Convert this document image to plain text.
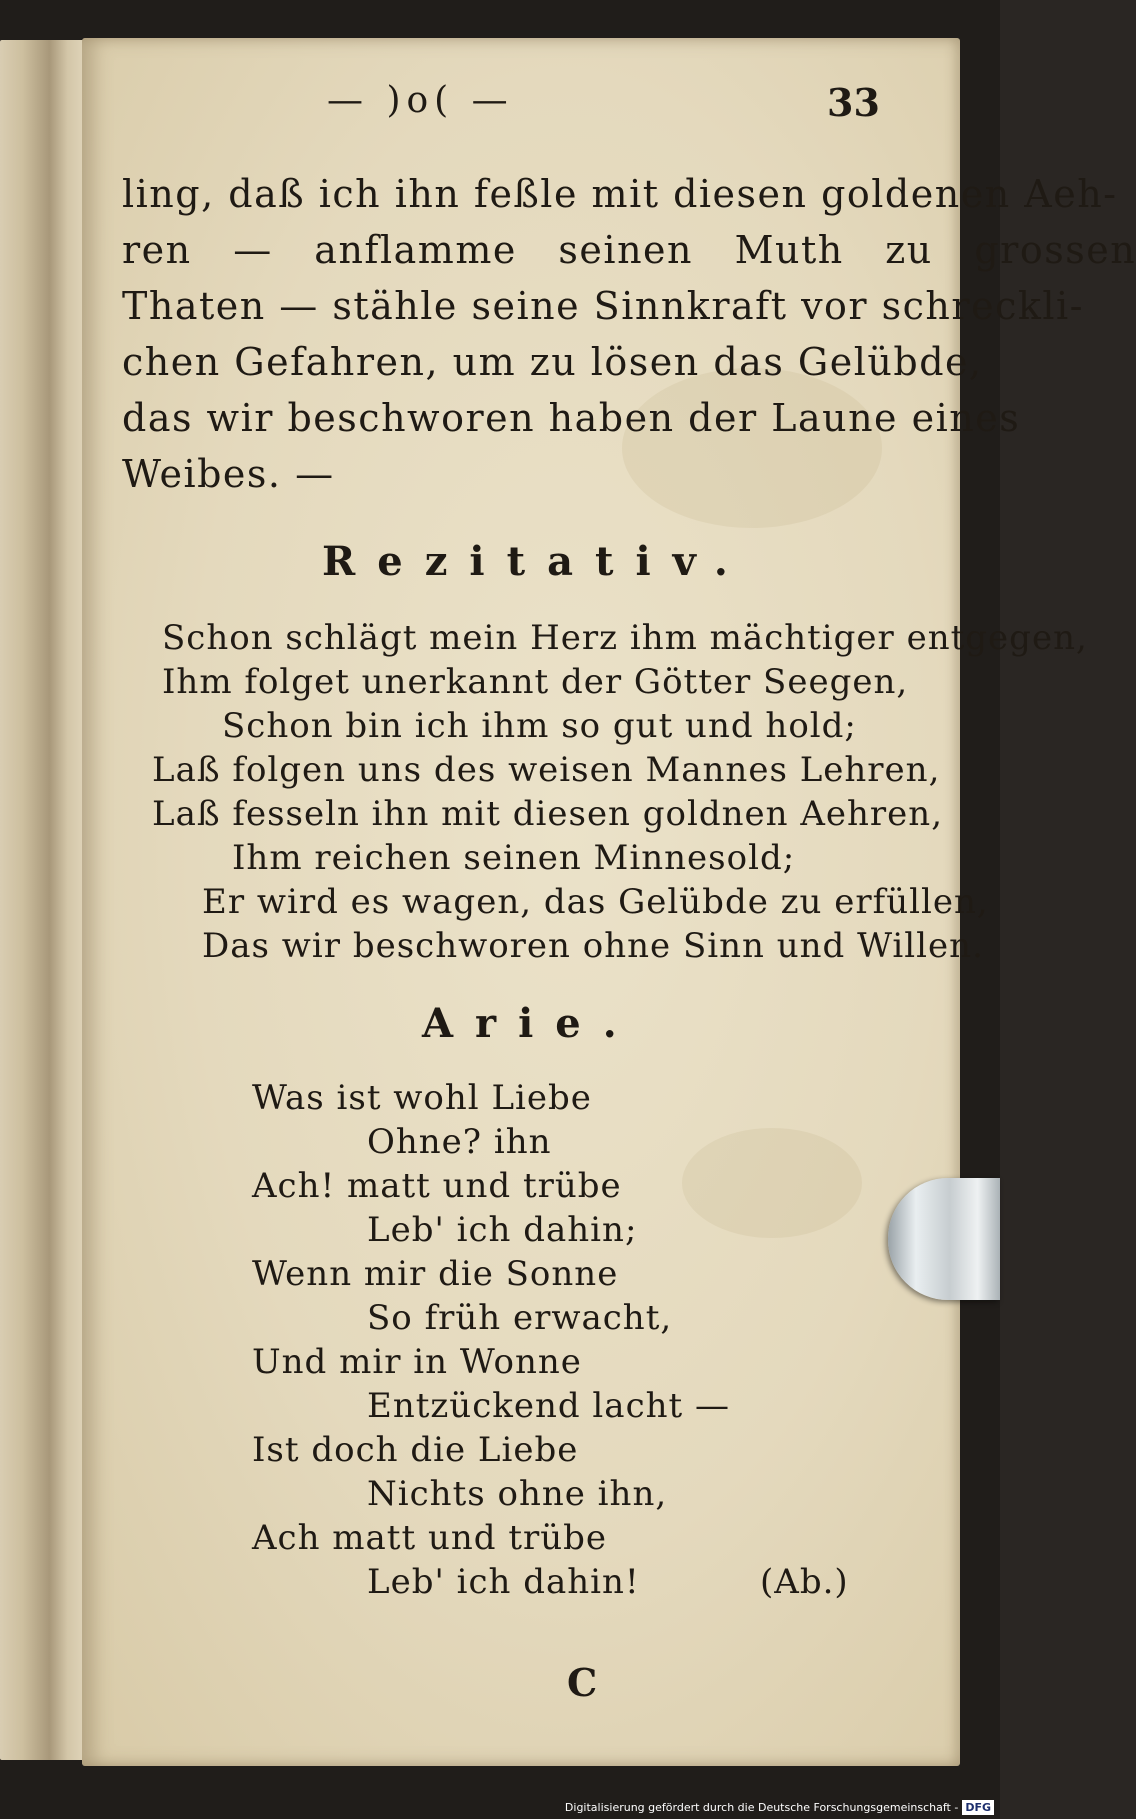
— )o( —	33
ling, daß ich ihn feßle mit diesen goldenen Aeh-
ren — anflamme seinen Muth zu grossen
Thaten — stähle seine Sinnkraft vor schreckli-
chen Gefahren, um zu lösen das Gelübde,
das wir beschworen haben der Laune eines
Weibes. —
Rezitativ.
Schon schlägt mein Herz ihm mächtiger entgegen,
Ihm folget unerkannt der Götter Seegen,
Schon bin ich ihm so gut und hold;
Laß folgen uns des weisen Mannes Lehren,
Laß fesseln ihn mit diesen goldnen Aehren,
Ihm reichen seinen Minnesold;
Er wird es wagen, das Gelübde zu erfüllen,
Das wir beschworen ohne Sinn und Willen.
Arie.
Was ist wohl Liebe
Ohne? ihn
Ach! matt und trübe
Leb' ich dahin;
Wenn mir die Sonne
So früh erwacht,
Und mir in Wonne
Entzückend lacht —
Ist doch die Liebe
Nichts ohne ihn,
Ach matt und trübe
Leb' ich dahin!	(Ab.)
C
Digitalisierung gefördert durch die Deutsche Forschungsgemeinschaft - DFG
